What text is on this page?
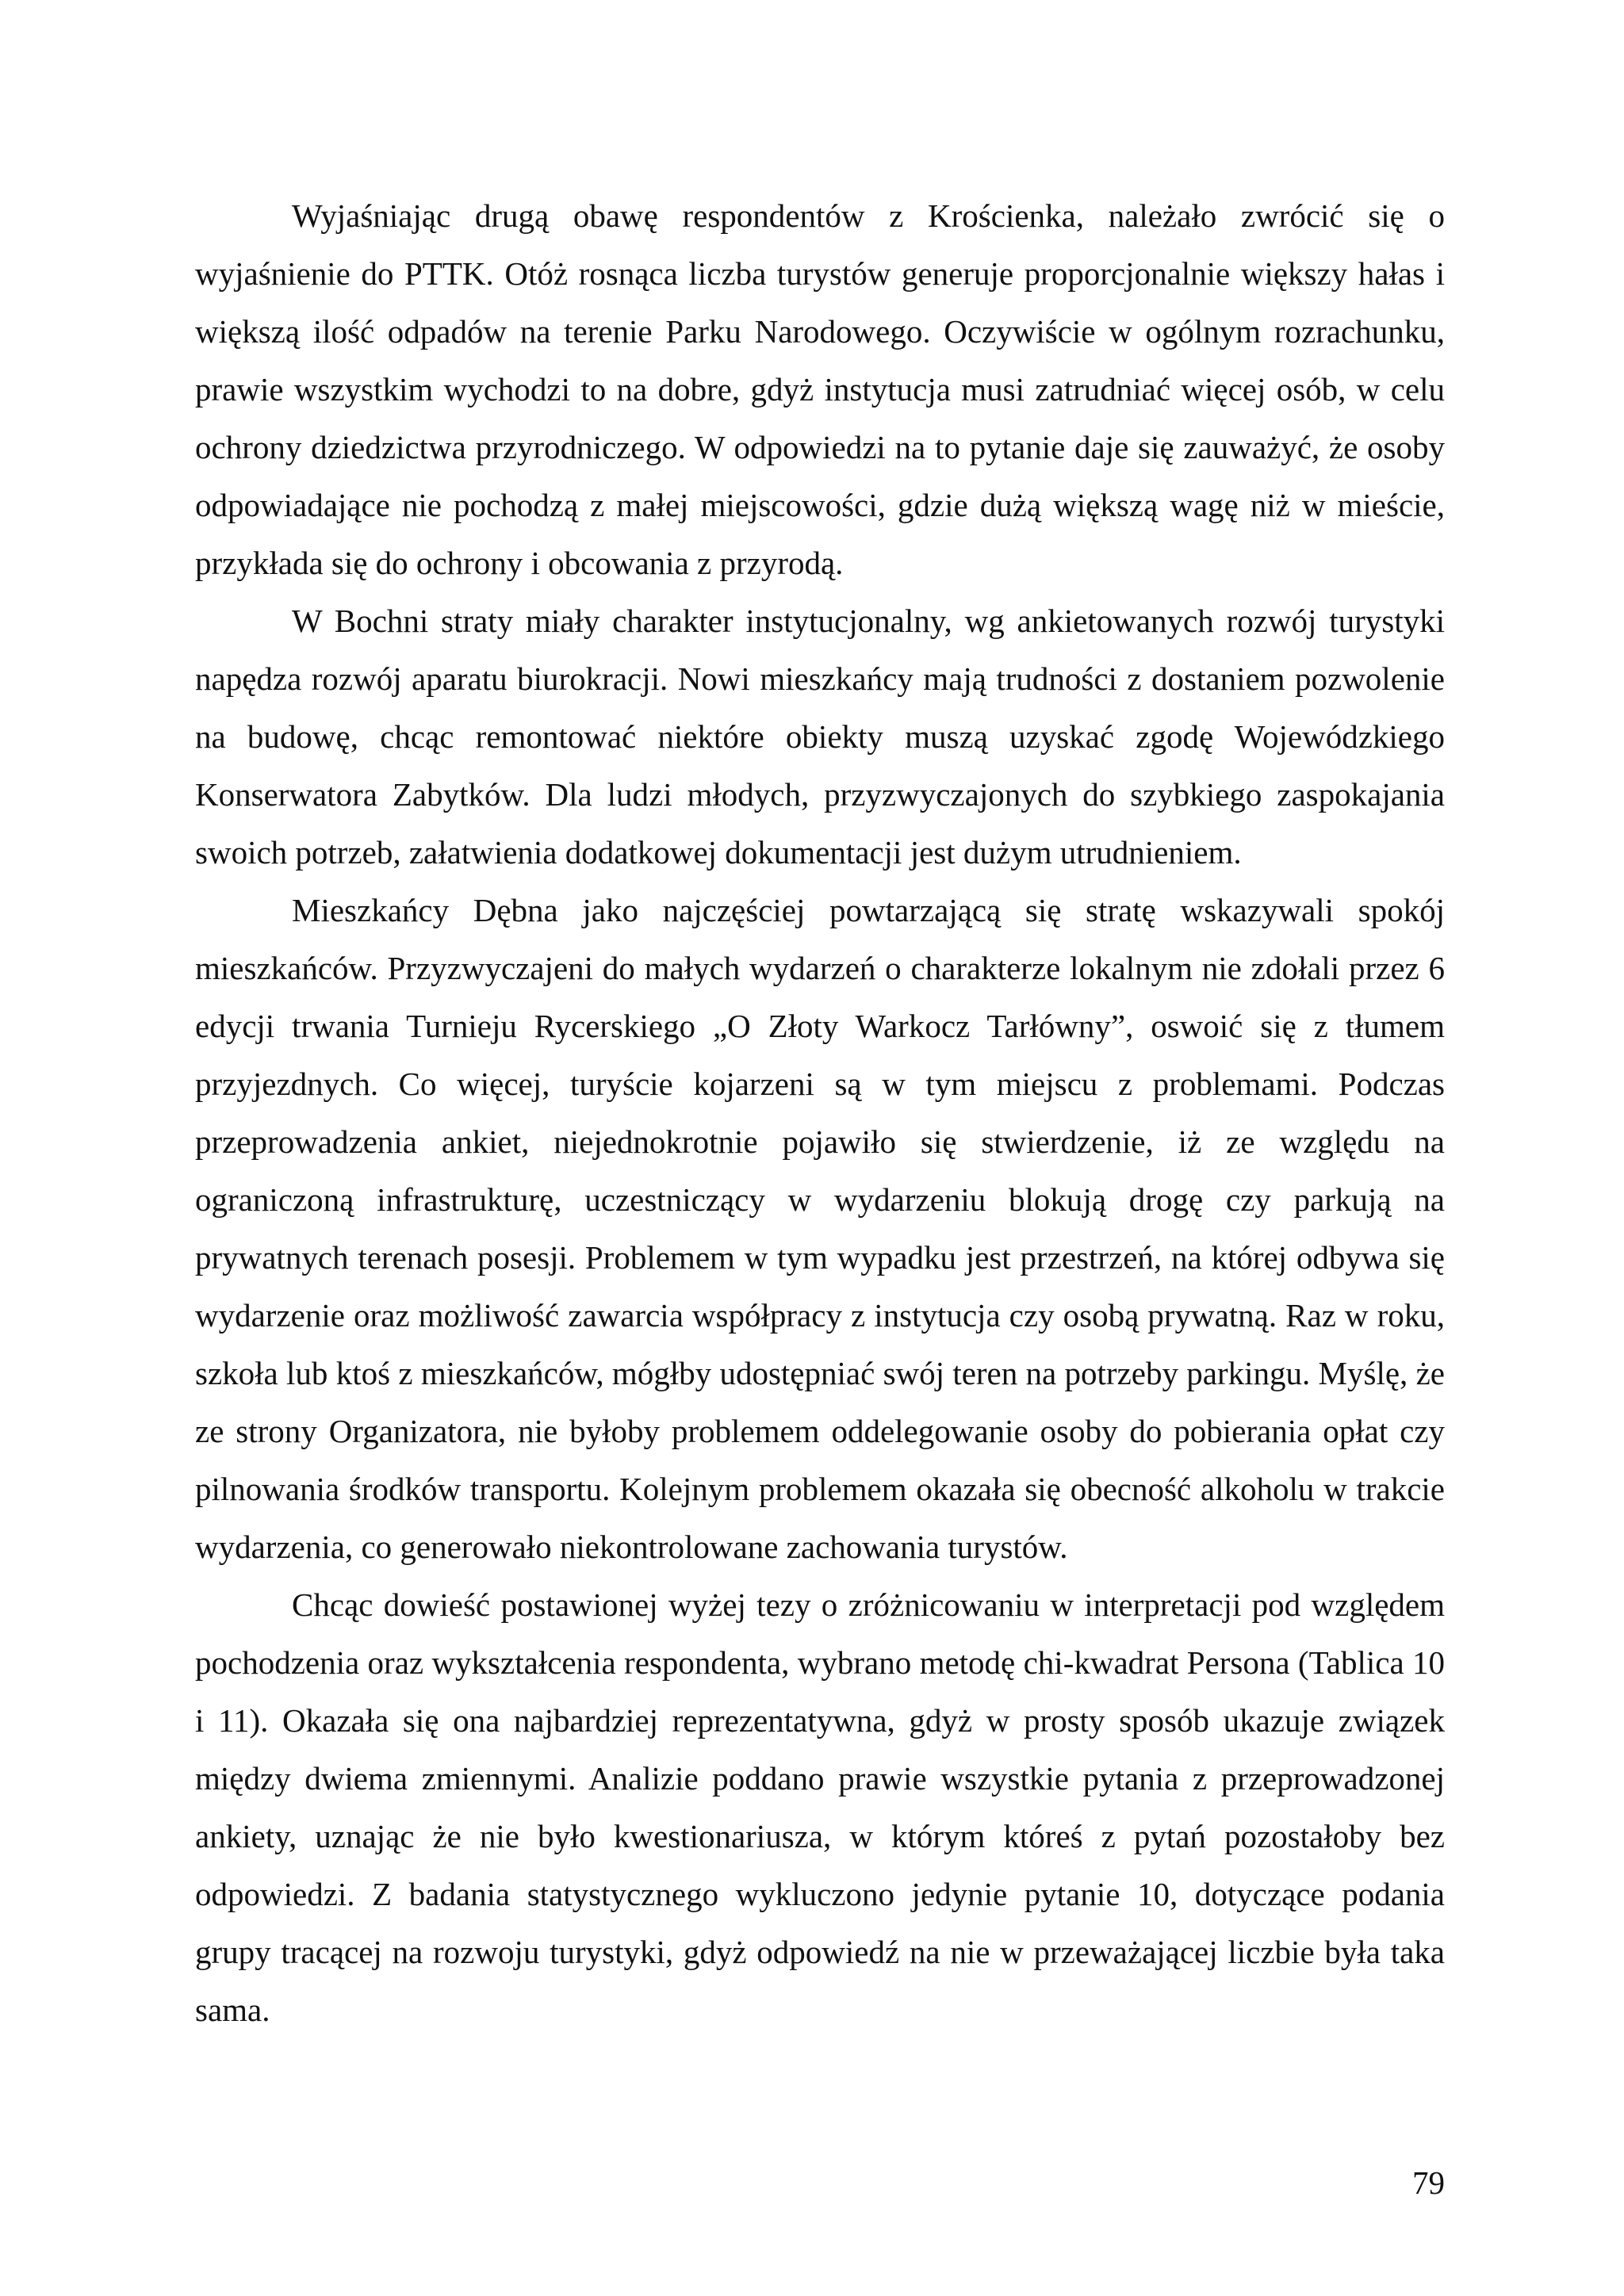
Wyjaśniając drugą obawę respondentów z Krościenka, należało zwrócić się o wyjaśnienie do PTTK. Otóż rosnąca liczba turystów generuje proporcjonalnie większy hałas i większą ilość odpadów na terenie Parku Narodowego. Oczywiście w ogólnym rozrachunku, prawie wszystkim wychodzi to na dobre, gdyż instytucja musi zatrudniać więcej osób, w celu ochrony dziedzictwa przyrodniczego. W odpowiedzi na to pytanie daje się zauważyć, że osoby odpowiadające nie pochodzą z małej miejscowości, gdzie dużą większą wagę niż w mieście, przykłada się do ochrony i obcowania z przyrodą.

W Bochni straty miały charakter instytucjonalny, wg ankietowanych rozwój turystyki napędza rozwój aparatu biurokracji. Nowi mieszkańcy mają trudności z dostaniem pozwolenie na budowę, chcąc remontować niektóre obiekty muszą uzyskać zgodę Wojewódzkiego Konserwatora Zabytków. Dla ludzi młodych, przyzwyczajonych do szybkiego zaspokajania swoich potrzeb, załatwienia dodatkowej dokumentacji jest dużym utrudnieniem.

Mieszkańcy Dębna jako najczęściej powtarzającą się stratę wskazywali spokój mieszkańców. Przyzwyczajeni do małych wydarzeń o charakterze lokalnym nie zdołali przez 6 edycji trwania Turnieju Rycerskiego „O Złoty Warkocz Tarłówny”, oswoić się z tłumem przyjezdnych. Co więcej, turyście kojarzeni są w tym miejscu z problemami. Podczas przeprowadzenia ankiet, niejednokrotnie pojawiło się stwierdzenie, iż ze względu na ograniczoną infrastrukturę, uczestniczący w wydarzeniu blokują drogę czy parkują na prywatnych terenach posesji. Problemem w tym wypadku jest przestrzeń, na której odbywa się wydarzenie oraz możliwość zawarcia współpracy z instytucja czy osobą prywatną. Raz w roku, szkoła lub ktoś z mieszkańców, mógłby udostępniać swój teren na potrzeby parkingu. Myślę, że ze strony Organizatora, nie byłoby problemem oddelegowanie osoby do pobierania opłat czy pilnowania środków transportu. Kolejnym problemem okazała się obecność alkoholu w trakcie wydarzenia, co generowało niekontrolowane zachowania turystów.

Chcąc dowieść postawionej wyżej tezy o zróżnicowaniu w interpretacji pod względem pochodzenia oraz wykształcenia respondenta, wybrano metodę chi-kwadrat Persona (Tablica 10 i 11). Okazała się ona najbardziej reprezentatywna, gdyż w prosty sposób ukazuje związek między dwiema zmiennymi. Analizie poddano prawie wszystkie pytania z przeprowadzonej ankiety, uznając że nie było kwestionariusza, w którym któreś z pytań pozostałoby bez odpowiedzi. Z badania statystycznego wykluczono jedynie pytanie 10, dotyczące podania grupy tracącej na rozwoju turystyki, gdyż odpowiedź na nie w przeważającej liczbie była taka sama.

79
